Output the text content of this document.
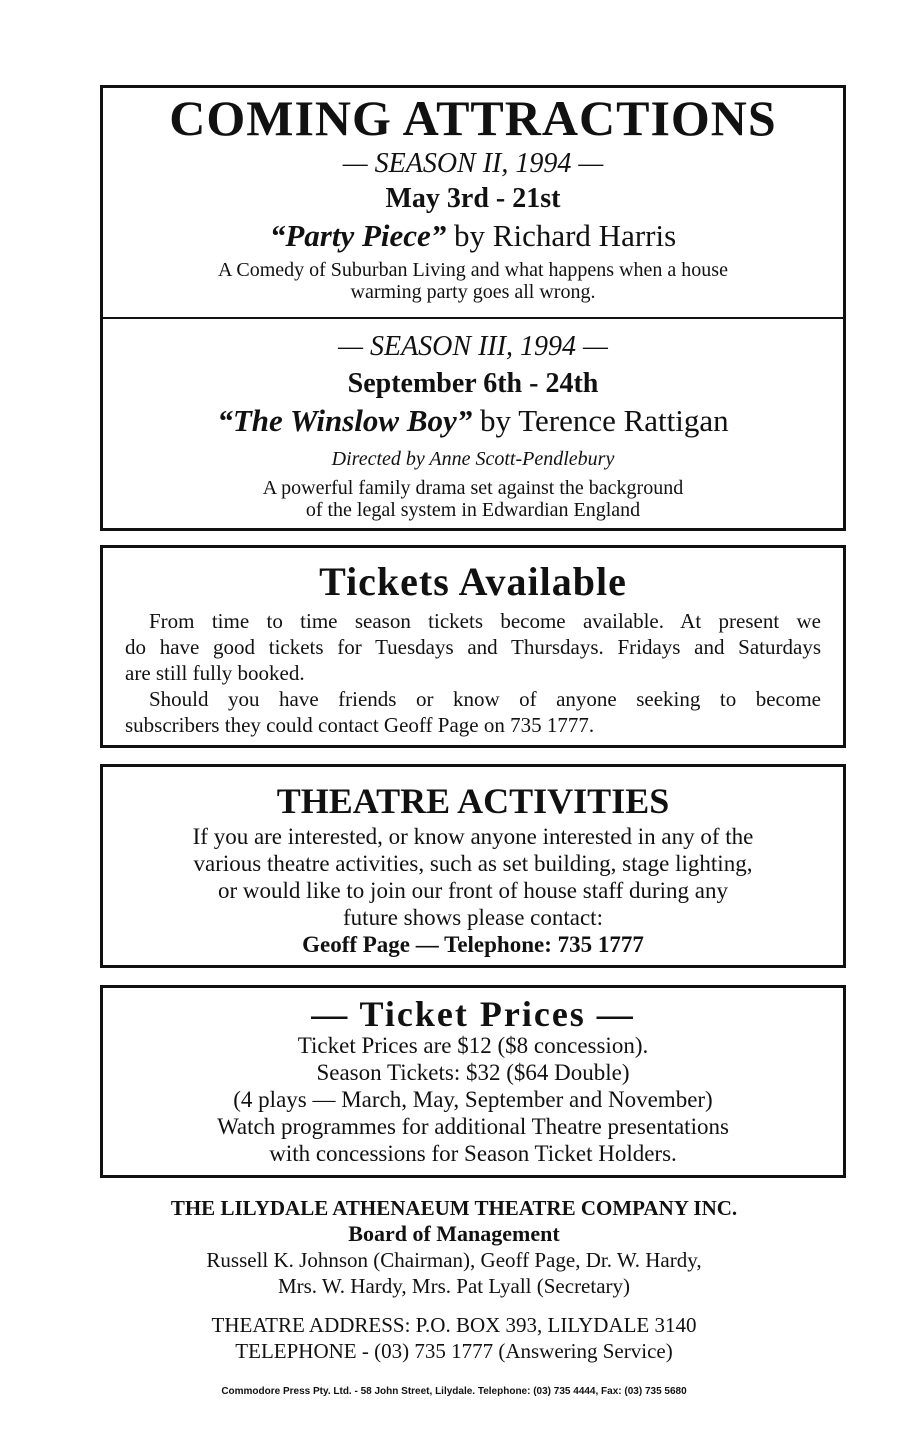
COMING ATTRACTIONS
— SEASON II, 1994 —
May 3rd - 21st
“Party Piece” by Richard Harris
A Comedy of Suburban Living and what happens when a house
warming party goes all wrong.
— SEASON III, 1994 —
September 6th - 24th
“The Winslow Boy” by Terence Rattigan
Directed by Anne Scott-Pendlebury
A powerful family drama set against the background
of the legal system in Edwardian England
Tickets Available
From time to time season tickets become available. At present we
do have good tickets for Tuesdays and Thursdays. Fridays and Saturdays
are still fully booked.
Should you have friends or know of anyone seeking to become
subscribers they could contact Geoff Page on 735 1777.
THEATRE ACTIVITIES
If you are interested, or know anyone interested in any of the
various theatre activities, such as set building, stage lighting,
or would like to join our front of house staff during any
future shows please contact:
Geoff Page — Telephone: 735 1777
— Ticket Prices —
Ticket Prices are $12 ($8 concession).
Season Tickets: $32 ($64 Double)
(4 plays — March, May, September and November)
Watch programmes for additional Theatre presentations
with concessions for Season Ticket Holders.
THE LILYDALE ATHENAEUM THEATRE COMPANY INC.
Board of Management
Russell K. Johnson (Chairman), Geoff Page, Dr. W. Hardy,
Mrs. W. Hardy, Mrs. Pat Lyall (Secretary)
THEATRE ADDRESS: P.O. BOX 393, LILYDALE 3140
TELEPHONE - (03) 735 1777 (Answering Service)
Commodore Press Pty. Ltd. - 58 John Street, Lilydale. Telephone: (03) 735 4444, Fax: (03) 735 5680
